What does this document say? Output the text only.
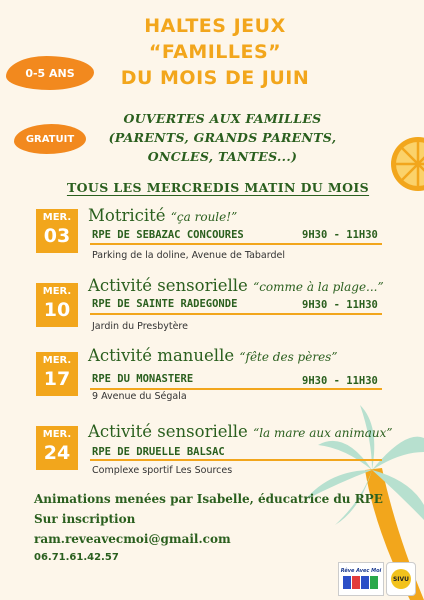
0-5 ANS
GRATUIT
HALTES JEUX
“FAMILLES”
DU MOIS DE JUIN
OUVERTES AUX FAMILLES
(PARENTS, GRANDS PARENTS,
ONCLES, TANTES...)
TOUS LES MERCREDIS MATIN DU MOIS
MER.
03
Motricité “ça roule!”
RPE DE SEBAZAC CONCOURES	9H30 - 11H30
Parking de la doline, Avenue de Tabardel
MER.
10
Activité sensorielle “comme à la plage...”
RPE DE SAINTE RADEGONDE	9H30 - 11H30
Jardin du Presbytère
MER.
17
Activité manuelle “fête des pères”
RPE DU MONASTERE	9H30 - 11H30
9 Avenue du Ségala
MER.
24
Activité sensorielle “la mare aux animaux”
RPE DE DRUELLE BALSAC
Complexe sportif Les Sources
Animations menées par Isabelle, éducatrice du RPE
Sur inscription
ram.reveavecmoi@gmail.com
06.71.61.42.57
Rêve Avec Moi
SIVU
